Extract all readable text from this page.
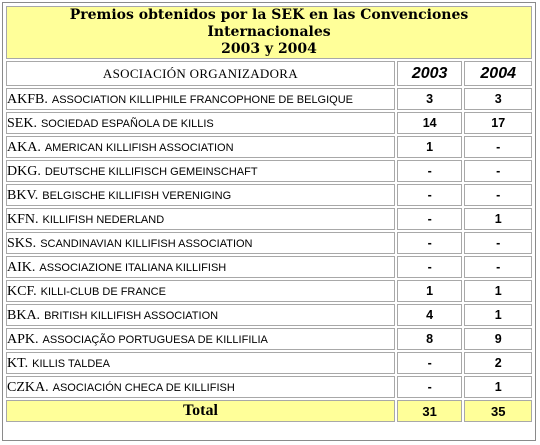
Premios obtenidos por la SEK en las Convenciones Internacionales
2003 y 2004		
ASOCIACIÓN ORGANIZADORA	2003	2004
AKFB. ASSOCIATION KILLIPHILE FRANCOPHONE DE BELGIQUE	3	3
SEK. SOCIEDAD ESPAÑOLA DE KILLIS	14	17
AKA. AMERICAN KILLIFISH ASSOCIATION	1	-
DKG. DEUTSCHE KILLIFISCH GEMEINSCHAFT	-	-
BKV. BELGISCHE KILLIFISH VERENIGING	-	-
KFN. KILLIFISH NEDERLAND	-	1
SKS. SCANDINAVIAN KILLIFISH ASSOCIATION	-	-
AIK. ASSOCIAZIONE ITALIANA KILLIFISH	-	-
KCF. KILLI-CLUB DE FRANCE	1	1
BKA. BRITISH KILLIFISH ASSOCIATION	4	1
APK. ASSOCIAÇÃO PORTUGUESA DE KILLIFILIA	8	9
KT. KILLIS TALDEA	-	2
CZKA. ASOCIACIÓN CHECA DE KILLIFISH	-	1
Total	31	35
